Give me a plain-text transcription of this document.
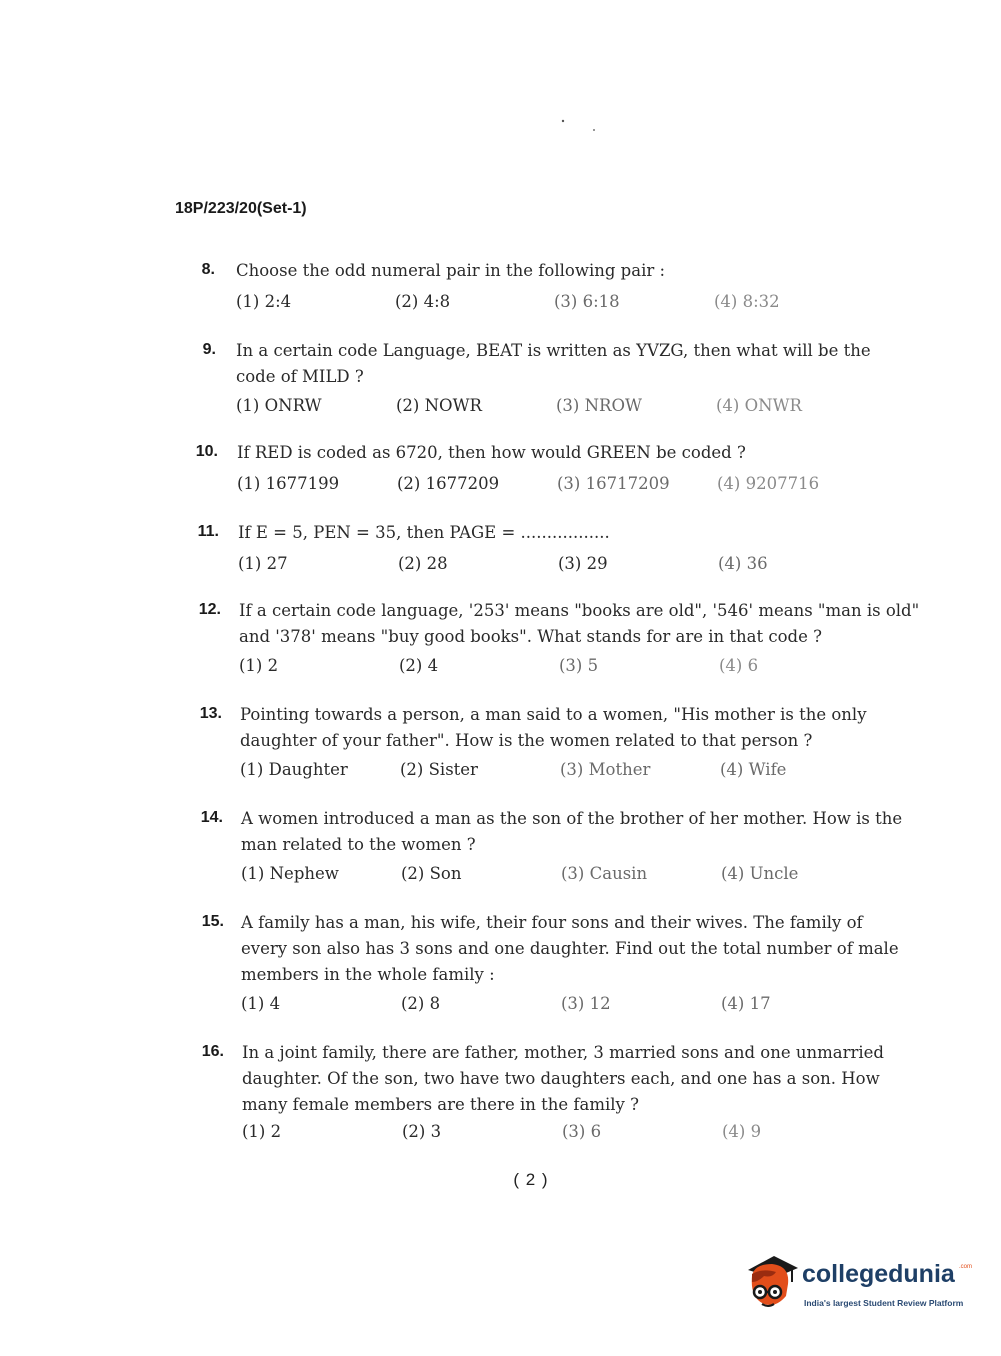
18P/223/20(Set-1)
8. Choose the odd numeral pair in the following pair :
(1) 2:4	(2) 4:8	(3) 6:18	(4) 8:32
9. In a certain code Language, BEAT is written as YVZG, then what will be the
code of MILD ?
(1) ONRW	(2) NOWR	(3) NROW	(4) ONWR
10. If RED is coded as 6720, then how would GREEN be coded ?
(1) 1677199	(2) 1677209	(3) 16717209	(4) 9207716
11. If E = 5, PEN = 35, then PAGE = .................
(1) 27	(2) 28	(3) 29	(4) 36
12. If a certain code language, '253' means "books are old", '546' means "man is old"
and '378' means "buy good books". What stands for are in that code ?
(1) 2	(2) 4	(3) 5	(4) 6
13. Pointing towards a person, a man said to a women, "His mother is the only
daughter of your father". How is the women related to that person ?
(1) Daughter	(2) Sister	(3) Mother	(4) Wife
14. A women introduced a man as the son of the brother of her mother. How is the
man related to the women ?
(1) Nephew	(2) Son	(3) Causin	(4) Uncle
15. A family has a man, his wife, their four sons and their wives. The family of
every son also has 3 sons and one daughter. Find out the total number of male
members in the whole family :
(1) 4	(2) 8	(3) 12	(4) 17
16. In a joint family, there are father, mother, 3 married sons and one unmarried
daughter. Of the son, two have two daughters each, and one has a son. How
many female members are there in the family ?
(1) 2	(2) 3	(3) 6	(4) 9
( 2 )
collegedunia .com
India's largest Student Review Platform
